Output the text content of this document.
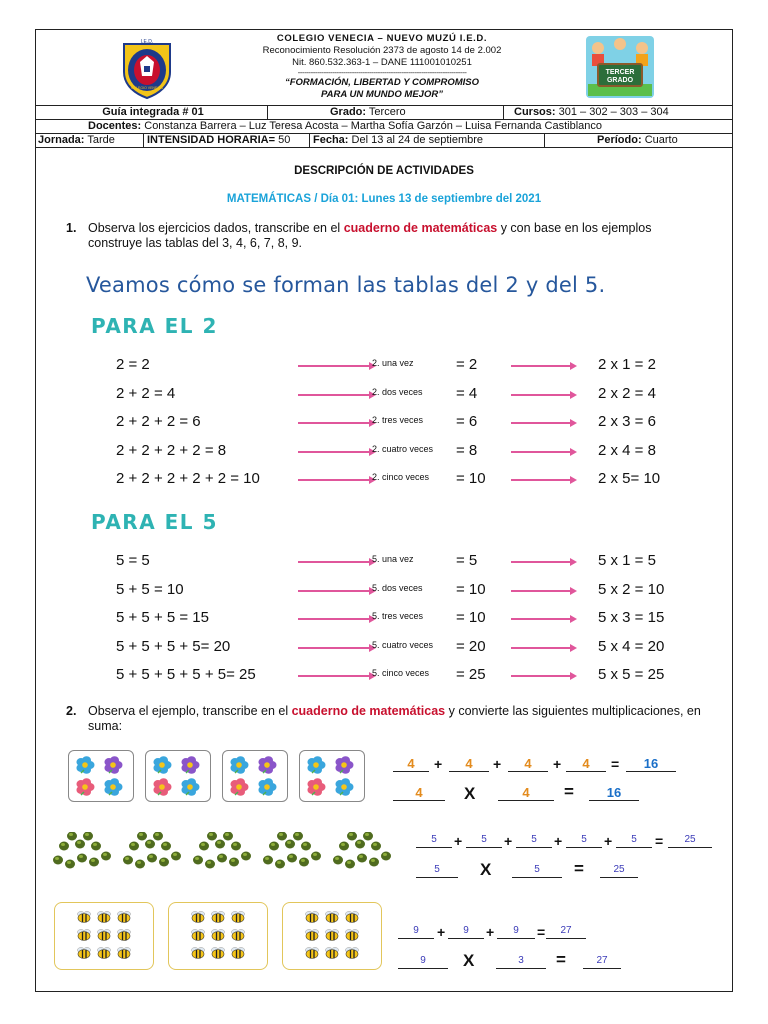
I.E.D.
COLEGIO VENECIA
COLEGIO VENECIA – NUEVO MUZÚ I.E.D.
Reconocimiento Resolución 2373 de agosto 14 de 2.002
Nit. 860.532.363-1 – DANE 111001010251
------------------------------------------------------------------------------
“FORMACIÓN, LIBERTAD Y COMPROMISO
PARA UN MUNDO MEJOR”
TERCER
GRADO
Guía integrada # 01	Grado: Tercero	Cursos: 301 – 302 – 303 – 304
Docentes: Constanza Barrera – Luz Teresa Acosta – Martha Sofía Garzón – Luisa Fernanda Castiblanco
Jornada: Tarde	INTENSIDAD HORARIA= 50	Fecha: Del 13 al 24 de septiembre	Período: Cuarto
DESCRIPCIÓN DE ACTIVIDADES
MATEMÁTICAS / Día 01: Lunes 13 de septiembre del 2021
1. Observa los ejercicios dados, transcribe en el cuaderno de matemáticas y con base en los ejemplos construye las tablas del 3, 4, 6, 7, 8, 9.
Veamos cómo se forman las tablas del 2 y del 5.
PARA EL 2
2 = 2	2. una vez	= 2	2 x 1 = 2
2 + 2 = 4	2. dos veces = 4	2 x 2 = 4
2 + 2 + 2 = 6	2. tres veces = 6	2 x 3 = 6
2 + 2 + 2 + 2 = 8	2. cuatro veces = 8	2 x 4 = 8
2 + 2 + 2 + 2 + 2 = 10	2. cinco veces = 10	2 x 5= 10
PARA EL 5
5 = 5	5. una vez	= 5	5 x 1 = 5
5 + 5 = 10	5. dos veces = 10	5 x 2 = 10
5 + 5 + 5 = 15	5. tres veces = 10	5 x 3 = 15
5 + 5 + 5 + 5= 20	5. cuatro veces = 20	5 x 4 = 20
5 + 5 + 5 + 5 + 5= 25	5. cinco veces = 25	5 x 5 = 25
2. Observa el ejemplo, transcribe en el cuaderno de matemáticas y convierte las siguientes multiplicaciones, en suma:
4	+	4	+	4	+	4	=	16
4	X	4	=	16
5	+	5	+	5	+	5	+	5	=	25
5	X	5	=	25
9	+	9	+	9	=	27
9	X	3	=	27
